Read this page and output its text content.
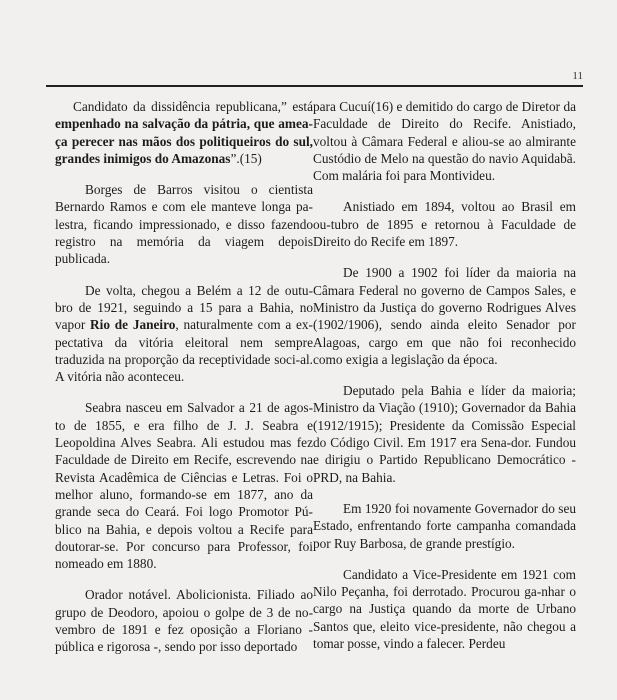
11

Candidato da dissidência republicana,” está empenhado na salvação da pátria, que amea-ça perecer nas mãos dos politiqueiros do sul, grandes inimigos do Amazonas”.(15)

Borges de Barros visitou o cientista Bernardo Ramos e com ele manteve longa pa-lestra, ficando impressionado, e disso fazendo registro na memória da viagem depois publicada.

De volta, chegou a Belém a 12 de outu-bro de 1921, seguindo a 15 para a Bahia, no vapor Rio de Janeiro, naturalmente com a ex-pectativa da vitória eleitoral nem sempre traduzida na proporção da receptividade soci-al. A vitória não aconteceu.

Seabra nasceu em Salvador a 21 de agos-to de 1855, e era filho de J. J. Seabra e Leopoldina Alves Seabra. Ali estudou mas fez Faculdade de Direito em Recife, escrevendo na Revista Acadêmica de Ciências e Letras. Foi o melhor aluno, formando-se em 1877, ano da grande seca do Ceará. Foi logo Promotor Pú-blico na Bahia, e depois voltou a Recife para doutorar-se. Por concurso para Professor, foi nomeado em 1880.

Orador notável. Abolicionista. Filiado ao grupo de Deodoro, apoiou o golpe de 3 de no-vembro de 1891 e fez oposição a Floriano - pública e rigorosa -, sendo por isso deportado

para Cucuí(16) e demitido do cargo de Diretor da Faculdade de Direito do Recife. Anistiado, voltou à Câmara Federal e aliou-se ao almirante Custódio de Melo na questão do navio Aquidabã. Com malária foi para Montivideu.

Anistiado em 1894, voltou ao Brasil em ou-tubro de 1895 e retornou à Faculdade de Direito do Recife em 1897.

De 1900 a 1902 foi líder da maioria na Câmara Federal no governo de Campos Sales, e Ministro da Justiça do governo Rodrigues Alves (1902/1906), sendo ainda eleito Senador por Alagoas, cargo em que não foi reconhecido como exigia a legislação da época.

Deputado pela Bahia e líder da maioria; Ministro da Viação (1910); Governador da Bahia (1912/1915); Presidente da Comissão Especial do Código Civil. Em 1917 era Sena-dor. Fundou e dirigiu o Partido Republicano Democrático - PRD, na Bahia.

Em 1920 foi novamente Governador do seu Estado, enfrentando forte campanha comandada por Ruy Barbosa, de grande prestígio.

Candidato a Vice-Presidente em 1921 com Nilo Peçanha, foi derrotado. Procurou ga-nhar o cargo na Justiça quando da morte de Urbano Santos que, eleito vice-presidente, não chegou a tomar posse, vindo a falecer. Perdeu
